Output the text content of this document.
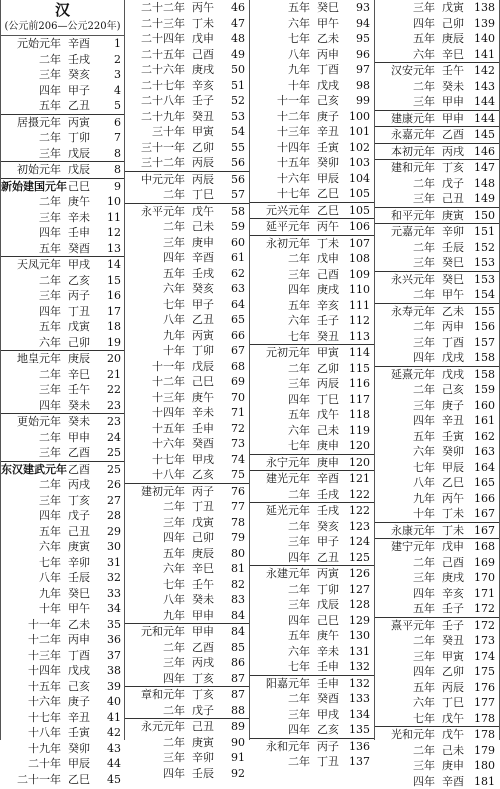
汉
(公元前206—公元220年)
元始元年 辛酉	1
二年 壬戌	2
三年 癸亥	3
四年 甲子	4
五年 乙丑	5
居摄元年 丙寅	6
二年 丁卯	7
三年 戊辰	8
初始元年 戊辰	8
新始建国元年 己巳	9
二年 庚午	10
三年 辛未	11
四年 壬申	12
五年 癸酉	13
天凤元年 甲戌	14
二年 乙亥	15
三年 丙子	16
四年 丁丑	17
五年 戊寅	18
六年 己卯	19
地皇元年 庚辰	20
二年 辛巳	21
三年 壬午	22
四年 癸未	23
更始元年 癸未	23
二年 甲申	24
三年 乙酉	25
东汉建武元年 乙酉	25
二年 丙戌	26
三年 丁亥	27
四年 戊子	28
五年 己丑	29
六年 庚寅	30
七年 辛卯	31
八年 壬辰	32
九年 癸巳	33
十年 甲午	34
十一年 乙未	35
十二年 丙申	36
十三年 丁酉	37
十四年 戊戌	38
十五年 己亥	39
十六年 庚子	40
十七年 辛丑	41
十八年 壬寅	42
十九年 癸卯	43
二十年 甲辰	44
二十一年 乙巳	45
二十二年 丙午	46
二十三年 丁未	47
二十四年 戊申	48
二十五年 己酉	49
二十六年 庚戌	50
二十七年 辛亥	51
二十八年 壬子	52
二十九年 癸丑	53
三十年 甲寅	54
三十一年 乙卯	55
三十二年 丙辰	56
中元元年 丙辰	56
二年 丁巳	57
永平元年 戊午	58
二年 己未	59
三年 庚申	60
四年 辛酉	61
五年 壬戌	62
六年 癸亥	63
七年 甲子	64
八年 乙丑	65
九年 丙寅	66
十年 丁卯	67
十一年 戊辰	68
十二年 己巳	69
十三年 庚午	70
十四年 辛未	71
十五年 壬申	72
十六年 癸酉	73
十七年 甲戌	74
十八年 乙亥	75
建初元年 丙子	76
二年 丁丑	77
三年 戊寅	78
四年 己卯	79
五年 庚辰	80
六年 辛巳	81
七年 壬午	82
八年 癸未	83
九年 甲申	84
元和元年 甲申	84
二年 乙酉	85
三年 丙戌	86
四年 丁亥	87
章和元年 丁亥	87
二年 戊子	88
永元元年 己丑	89
二年 庚寅	90
三年 辛卯	91
四年 壬辰	92
五年 癸巳	93
六年 甲午	94
七年 乙未	95
八年 丙申	96
九年 丁酉	97
十年 戊戌	98
十一年 己亥	99
十二年 庚子 100
十三年 辛丑 101
十四年 壬寅 102
十五年 癸卯 103
十六年 甲辰 104
十七年 乙巳 105
元兴元年 乙巳 105
延平元年 丙午 106
永初元年 丁未 107
二年 戊申 108
三年 己酉 109
四年 庚戌 110
五年 辛亥 111
六年 壬子 112
七年 癸丑 113
元初元年 甲寅 114
二年 乙卯 115
三年 丙辰 116
四年 丁巳 117
五年 戊午 118
六年 己未 119
七年 庚申 120
永宁元年 庚申 120
建光元年 辛酉 121
二年 壬戌 122
延光元年 壬戌 122
二年 癸亥 123
三年 甲子 124
四年 乙丑 125
永建元年 丙寅 126
二年 丁卯 127
三年 戊辰 128
四年 己巳 129
五年 庚午 130
六年 辛未 131
七年 壬申 132
阳嘉元年 壬申 132
二年 癸酉 133
三年 甲戌 134
四年 乙亥 135
永和元年 丙子 136
二年 丁丑 137
三年 戊寅 138
四年 己卯 139
五年 庚辰 140
六年 辛巳 141
汉安元年 壬午 142
二年 癸未 143
三年 甲申 144
建康元年 甲申 144
永嘉元年 乙酉 145
本初元年 丙戌 146
建和元年 丁亥 147
二年 戊子 148
三年 己丑 149
和平元年 庚寅 150
元嘉元年 辛卯 151
二年 壬辰 152
三年 癸巳 153
永兴元年 癸巳 153
二年 甲午 154
永寿元年 乙未 155
二年 丙申 156
三年 丁酉 157
四年 戊戌 158
延熹元年 戊戌 158
二年 己亥 159
三年 庚子 160
四年 辛丑 161
五年 壬寅 162
六年 癸卯 163
七年 甲辰 164
八年 乙巳 165
九年 丙午 166
十年 丁未 167
永康元年 丁未 167
建宁元年 戊申 168
二年 己酉 169
三年 庚戌 170
四年 辛亥 171
五年 壬子 172
熹平元年 壬子 172
二年 癸丑 173
三年 甲寅 174
四年 乙卯 175
五年 丙辰 176
六年 丁巳 177
七年 戊午 178
光和元年 戊午 178
二年 己未 179
三年 庚申 180
四年 辛酉 181
